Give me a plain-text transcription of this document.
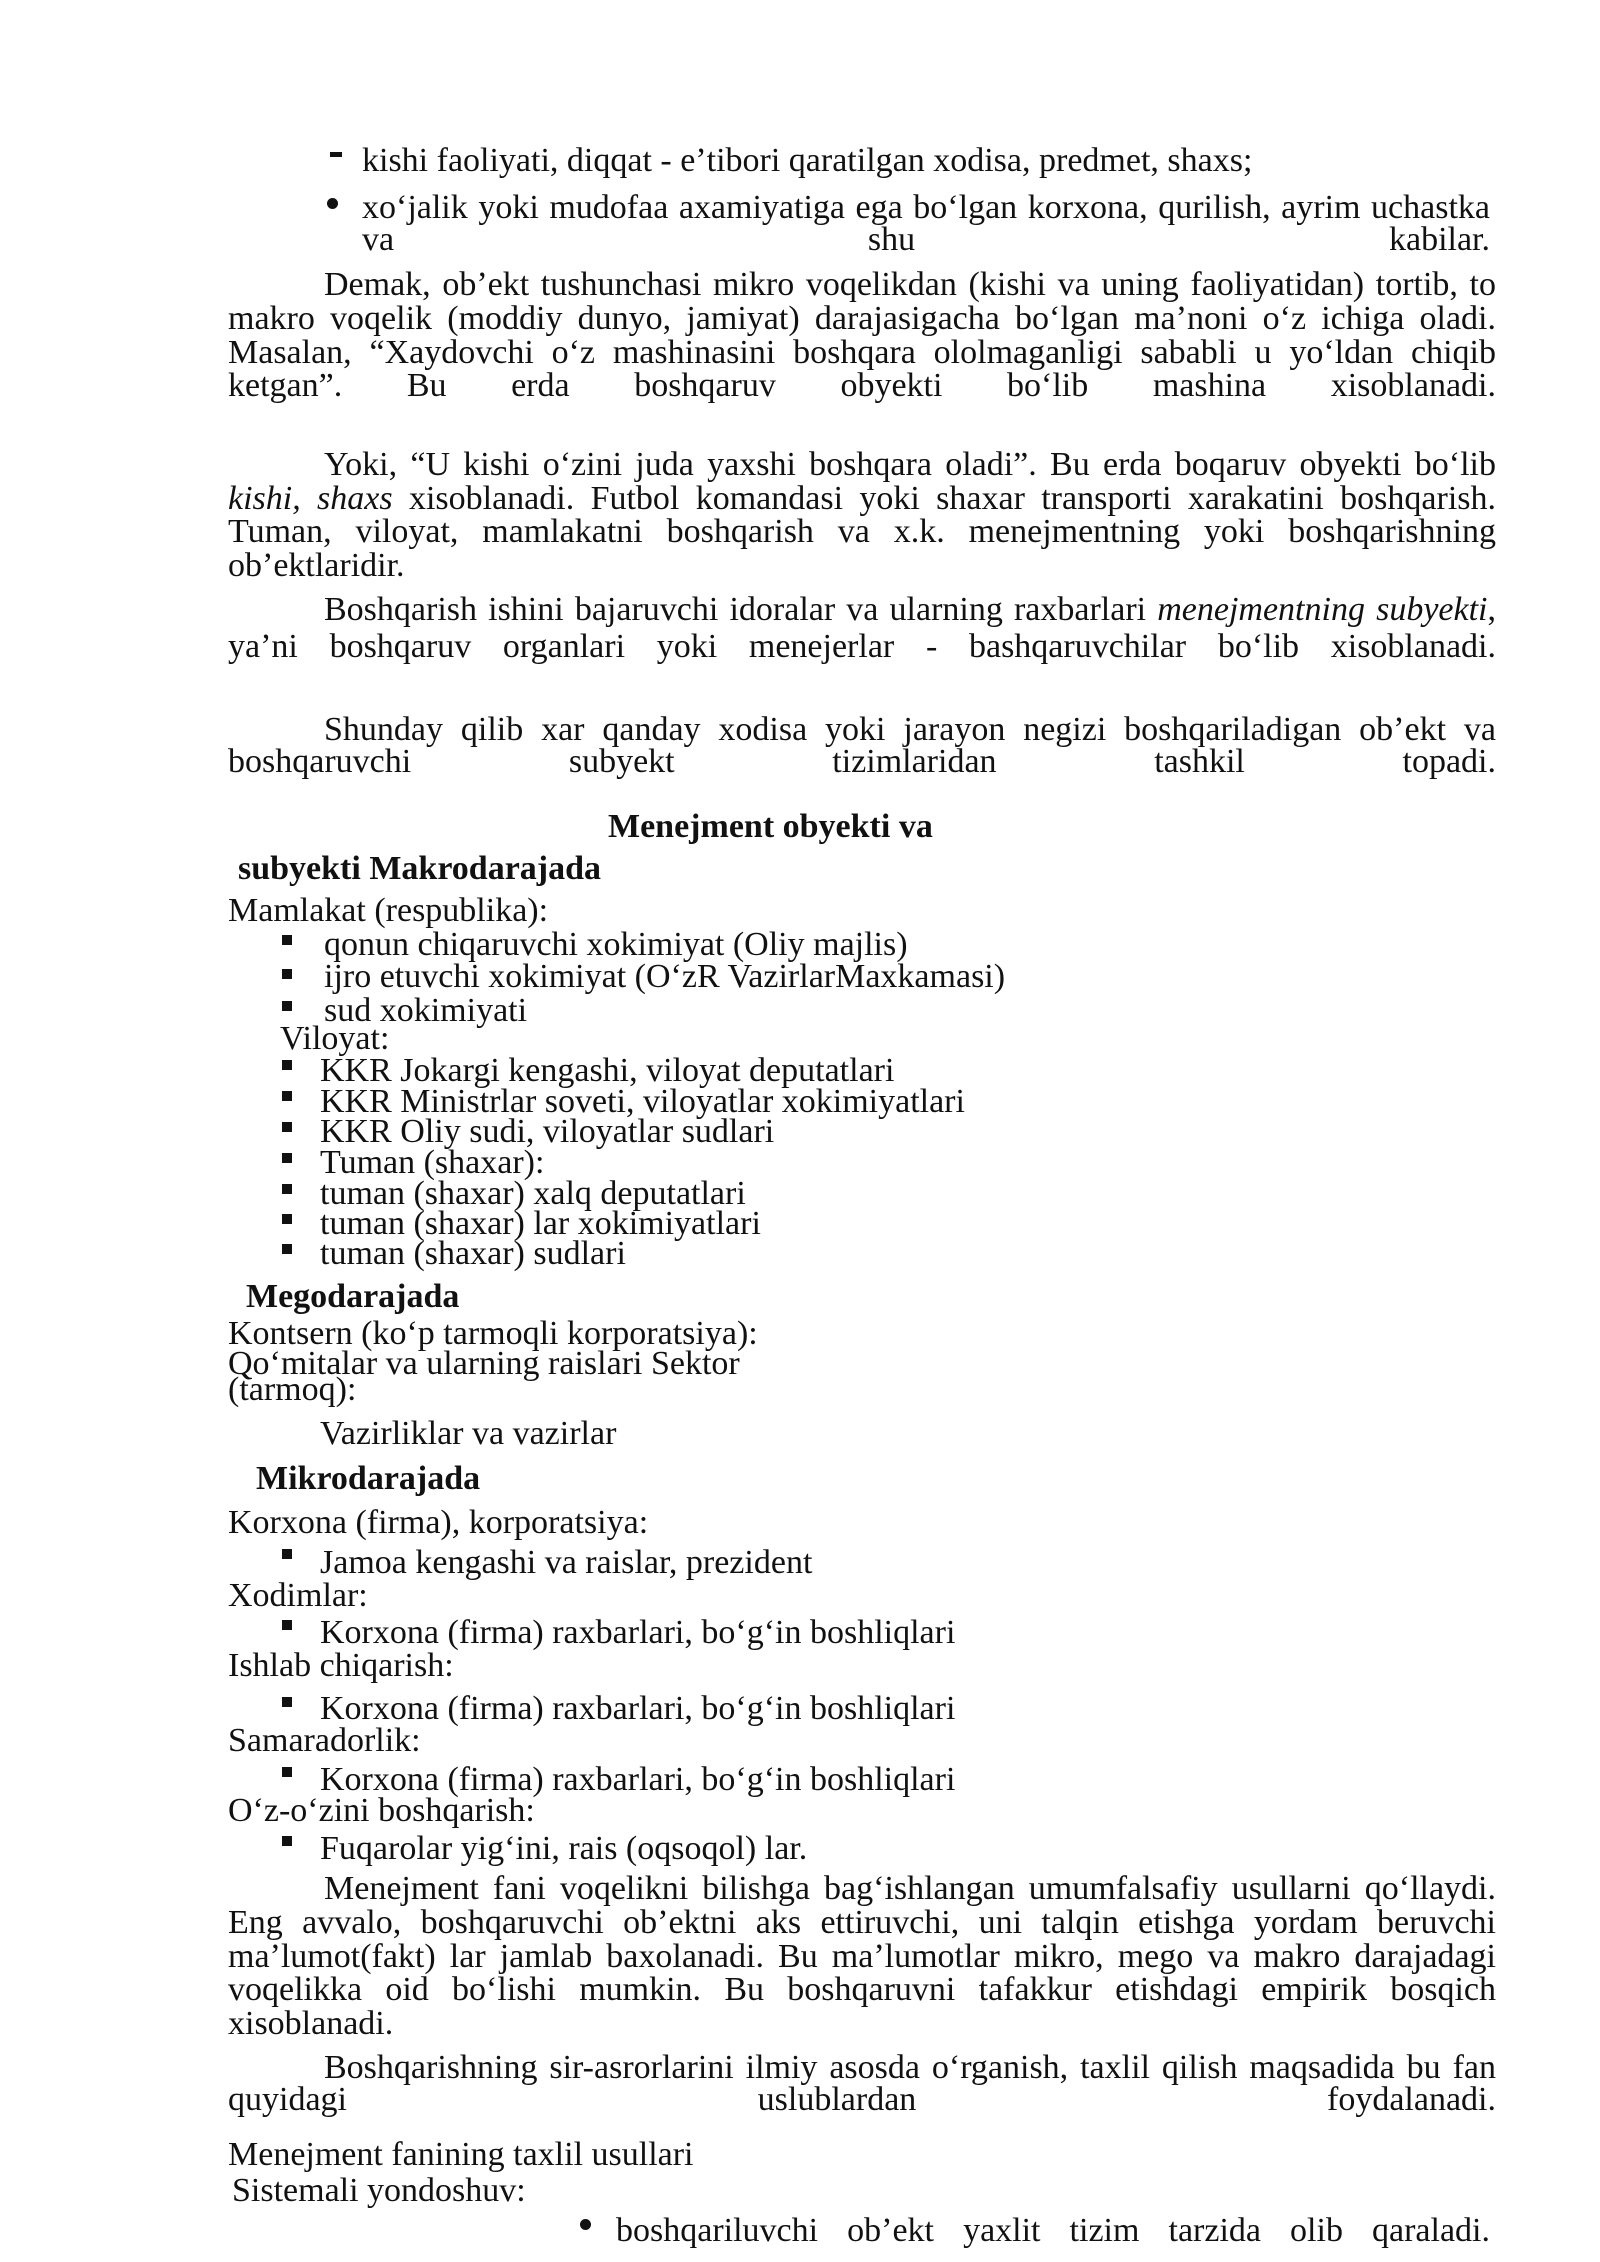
kishi faoliyati, diqqat - eʼtibori qaratilgan xodisa, predmet, shaxs;
xoʻjalik yoki mudofaa axamiyatiga ega boʻlgan korxona, qurilish, ayrim uchastka va shu kabilar.
Demak, obʼekt tushunchasi mikro voqelikdan (kishi va uning faoliyatidan) tortib, to makro voqelik (moddiy dunyo, jamiyat) darajasigacha boʻlgan maʼnoni oʻz ichiga oladi. Masalan, “Xaydovchi oʻz mashinasini boshqara ololmaganligi sababli u yoʻldan chiqib ketgan”. Bu erda boshqaruv obyekti boʻlib mashina xisoblanadi.
Yoki, “U kishi oʻzini juda yaxshi boshqara oladi”. Bu erda boqaruv obyekti boʻlib kishi, shaxs xisoblanadi. Futbol komandasi yoki shaxar transporti xarakatini boshqarish. Tuman, viloyat, mamlakatni boshqarish va x.k. menejmentning yoki boshqarishning obʼektlaridir.
Boshqarish ishini bajaruvchi idoralar va ularning raxbarlari menejmentning subyekti, yaʼni boshqaruv organlari yoki menejerlar - bashqaruvchilar boʻlib xisoblanadi.
Shunday qilib xar qanday xodisa yoki jarayon negizi boshqariladigan obʼekt va boshqaruvchi subyekt tizimlaridan tashkil topadi.
Menejment obyekti va
subyekti Makrodarajada
Mamlakat (respublika):
qonun chiqaruvchi xokimiyat (Oliy majlis)
ijro etuvchi xokimiyat (OʻzR VazirlarMaxkamasi)
sud xokimiyati
Viloyat:
KKR Jokargi kengashi, viloyat deputatlari
KKR Ministrlar soveti, viloyatlar xokimiyatlari
KKR Oliy sudi, viloyatlar sudlari
Tuman (shaxar):
tuman (shaxar) xalq deputatlari
tuman (shaxar) lar xokimiyatlari
tuman (shaxar) sudlari
Megodarajada
Kontsern (koʻp tarmoqli korporatsiya):
Qoʻmitalar va ularning raislari Sektor
(tarmoq):
Vazirliklar va vazirlar
Mikrodarajada
Korxona (firma), korporatsiya:
Jamoa kengashi va raislar, prezident
Xodimlar:
Korxona (firma) raxbarlari, boʻgʻin boshliqlari
Ishlab chiqarish:
Korxona (firma) raxbarlari, boʻgʻin boshliqlari
Samaradorlik:
Korxona (firma) raxbarlari, boʻgʻin boshliqlari
Oʻz-oʻzini boshqarish:
Fuqarolar yigʻini, rais (oqsoqol) lar.
Menejment fani voqelikni bilishga bagʻishlangan umumfalsafiy usullarni qoʻllaydi. Eng avvalo, boshqaruvchi obʼektni aks ettiruvchi, uni talqin etishga yordam beruvchi maʼlumot(fakt) lar jamlab baxolanadi. Bu maʼlumotlar mikro, mego va makro darajadagi voqelikka oid boʻlishi mumkin. Bu boshqaruvni tafakkur etishdagi empirik bosqich xisoblanadi.
Boshqarishning sir-asrorlarini ilmiy asosda oʻrganish, taxlil qilish maqsadida bu fan quyidagi uslublardan foydalanadi.
Menejment fanining taxlil usullari
Sistemali yondoshuv:
boshqariluvchi obʼekt yaxlit tizim tarzida olib qaraladi.
